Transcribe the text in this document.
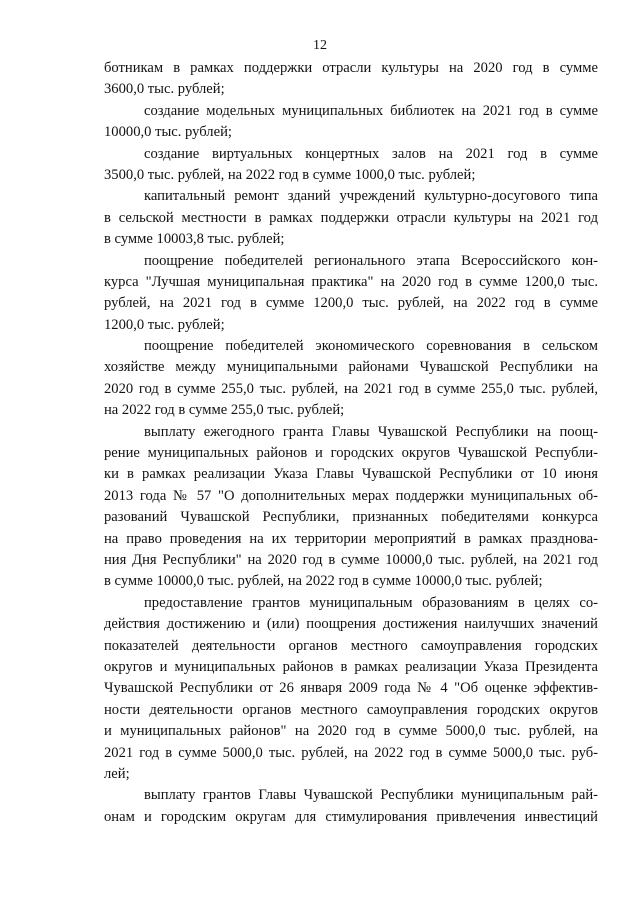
12
ботникам в рамках поддержки отрасли культуры на 2020 год в сумме
3600,0 тыс. рублей;
создание модельных муниципальных библиотек на 2021 год в сумме
10000,0 тыс. рублей;
создание виртуальных концертных залов на 2021 год в сумме
3500,0 тыс. рублей, на 2022 год в сумме 1000,0 тыс. рублей;
капитальный ремонт зданий учреждений культурно-досугового типа
в сельской местности в рамках поддержки отрасли культуры на 2021 год
в сумме 10003,8 тыс. рублей;
поощрение победителей регионального этапа Всероссийского кон-
курса "Лучшая муниципальная практика" на 2020 год в сумме 1200,0 тыс.
рублей, на 2021 год в сумме 1200,0 тыс. рублей, на 2022 год в сумме
1200,0 тыс. рублей;
поощрение победителей экономического соревнования в сельском
хозяйстве между муниципальными районами Чувашской Республики на
2020 год в сумме 255,0 тыс. рублей, на 2021 год в сумме 255,0 тыс. рублей,
на 2022 год в сумме 255,0 тыс. рублей;
выплату ежегодного гранта Главы Чувашской Республики на поощ-
рение муниципальных районов и городских округов Чувашской Республи-
ки в рамках реализации Указа Главы Чувашской Республики от 10 июня
2013 года № 57 "О дополнительных мерах поддержки муниципальных об-
разований Чувашской Республики, признанных победителями конкурса
на право проведения на их территории мероприятий в рамках празднова-
ния Дня Республики" на 2020 год в сумме 10000,0 тыс. рублей, на 2021 год
в сумме 10000,0 тыс. рублей, на 2022 год в сумме 10000,0 тыс. рублей;
предоставление грантов муниципальным образованиям в целях со-
действия достижению и (или) поощрения достижения наилучших значений
показателей деятельности органов местного самоуправления городских
округов и муниципальных районов в рамках реализации Указа Президента
Чувашской Республики от 26 января 2009 года № 4 "Об оценке эффектив-
ности деятельности органов местного самоуправления городских округов
и муниципальных районов" на 2020 год в сумме 5000,0 тыс. рублей, на
2021 год в сумме 5000,0 тыс. рублей, на 2022 год в сумме 5000,0 тыс. руб-
лей;
выплату грантов Главы Чувашской Республики муниципальным рай-
онам и городским округам для стимулирования привлечения инвестиций
